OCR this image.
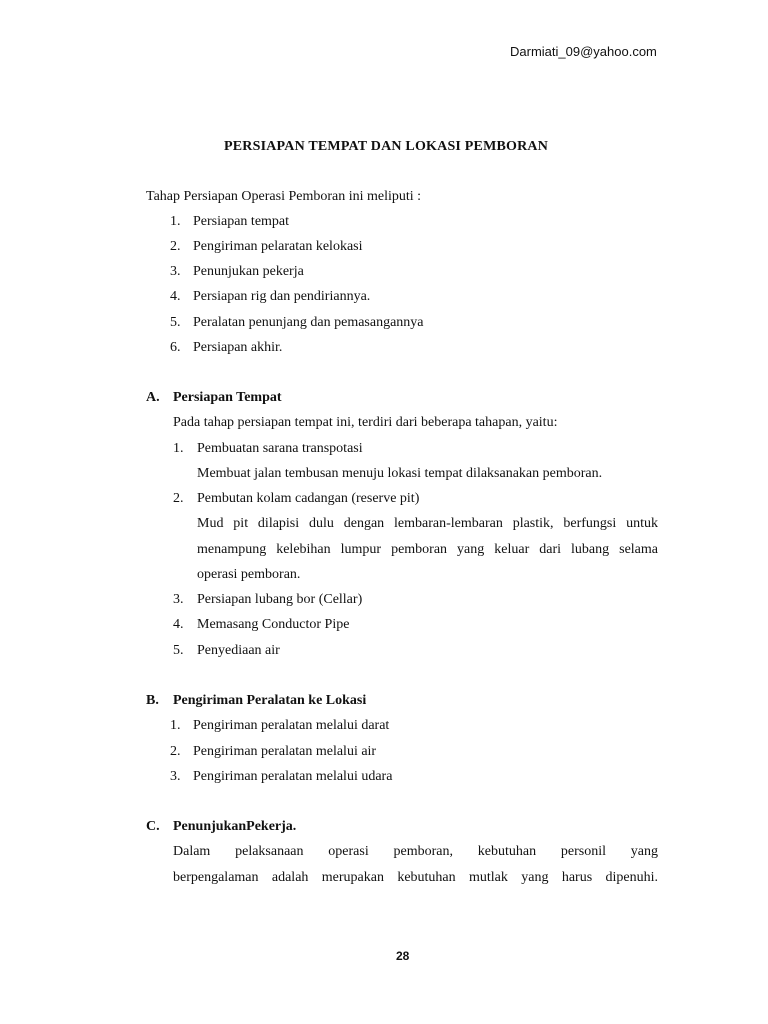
Darmiati_09@yahoo.com
PERSIAPAN TEMPAT DAN LOKASI PEMBORAN
Tahap Persiapan Operasi Pemboran ini meliputi :
1. Persiapan tempat
2. Pengiriman pelaratan kelokasi
3. Penunjukan pekerja
4. Persiapan rig dan pendiriannya.
5. Peralatan penunjang dan pemasangannya
6. Persiapan akhir.
A. Persiapan Tempat
Pada tahap persiapan tempat ini, terdiri dari beberapa tahapan, yaitu:
1. Pembuatan sarana transpotasi
Membuat jalan tembusan menuju lokasi tempat dilaksanakan pemboran.
2. Pembutan kolam cadangan (reserve pit)
Mud pit dilapisi dulu dengan lembaran-lembaran plastik, berfungsi untuk
menampung kelebihan lumpur pemboran yang keluar dari lubang selama
operasi pemboran.
3. Persiapan lubang bor (Cellar)
4. Memasang Conductor Pipe
5. Penyediaan air
B. Pengiriman Peralatan ke Lokasi
1. Pengiriman peralatan melalui darat
2. Pengiriman peralatan melalui air
3. Pengiriman peralatan melalui udara
C. PenunjukanPekerja.
Dalam pelaksanaan operasi pemboran, kebutuhan personil yang
berpengalaman adalah merupakan kebutuhan mutlak yang harus dipenuhi.
28
